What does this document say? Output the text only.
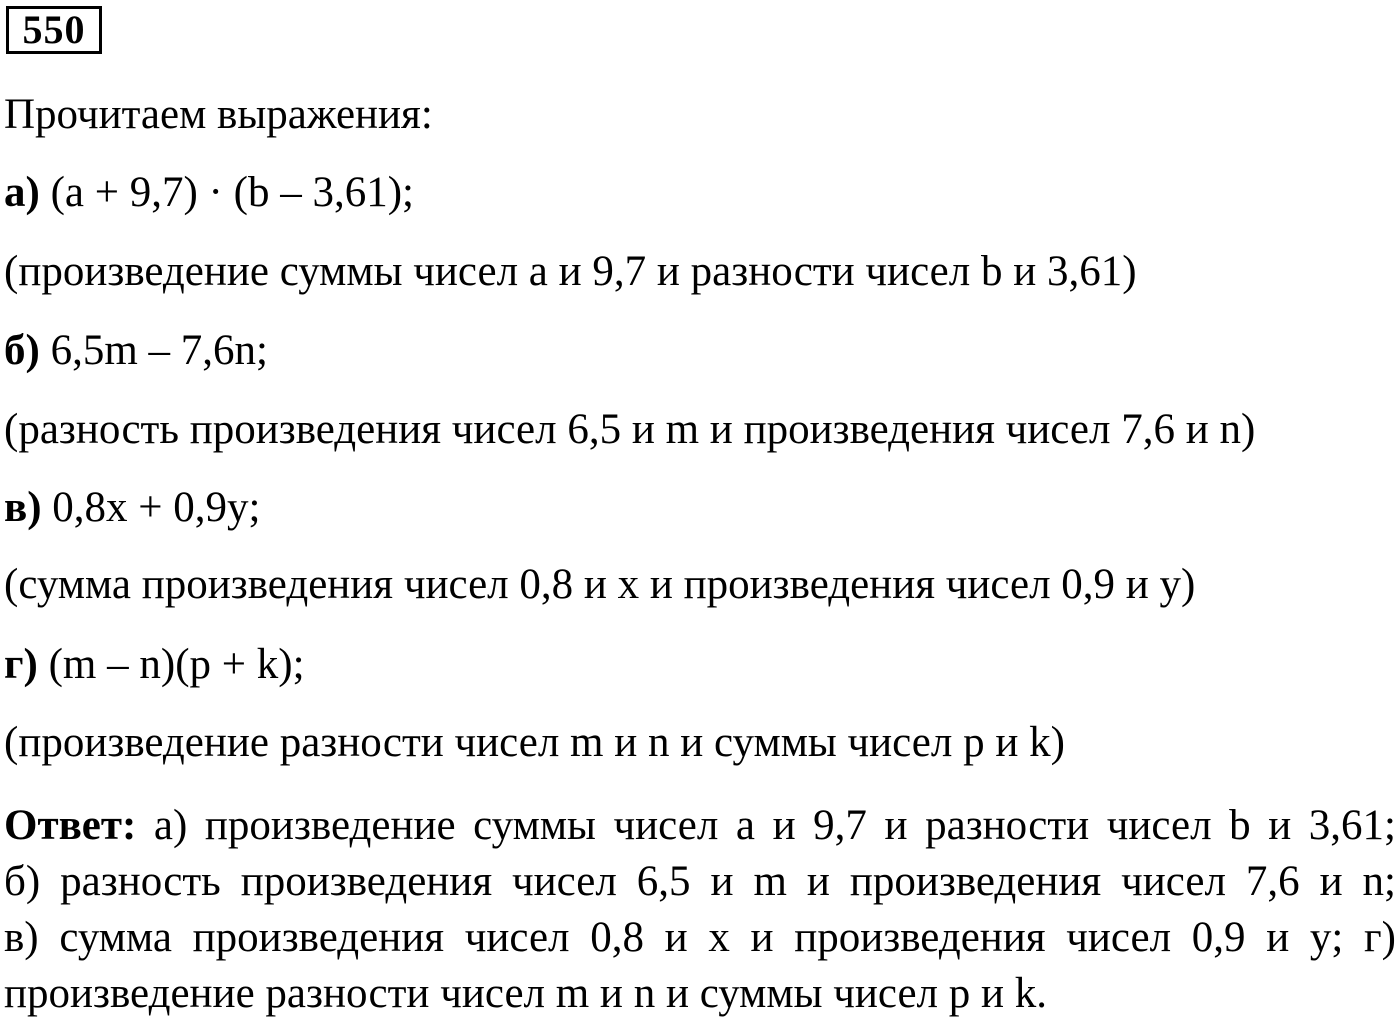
550
Прочитаем выражения:
а) (a + 9,7) · (b – 3,61);
(произведение суммы чисел a и 9,7 и разности чисел b и 3,61)
б) 6,5m – 7,6n;
(разность произведения чисел 6,5 и m и произведения чисел 7,6 и n)
в) 0,8x + 0,9y;
(сумма произведения чисел 0,8 и x и произведения чисел 0,9 и y)
г) (m – n)(p + k);
(произведение разности чисел m и n и суммы чисел p и k)
Ответ: а) произведение суммы чисел a и 9,7 и разности чисел b и 3,61;
б) разность произведения чисел 6,5 и m и произведения чисел 7,6 и n;
в) сумма произведения чисел 0,8 и x и произведения чисел 0,9 и y; г)
произведение разности чисел m и n и суммы чисел p и k.
